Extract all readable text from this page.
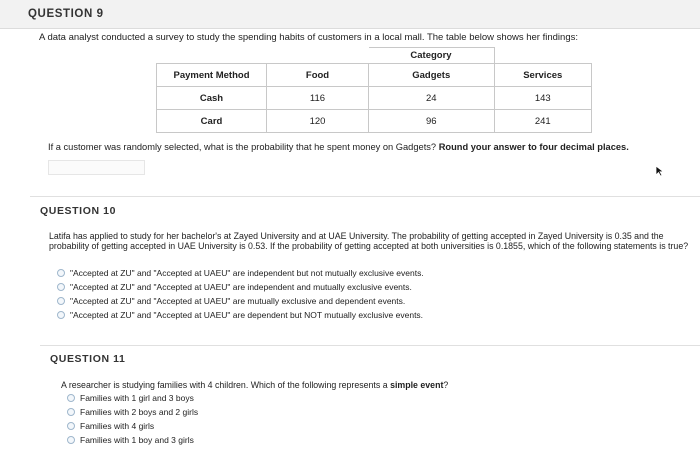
QUESTION 9
A data analyst conducted a survey to study the spending habits of customers in a local mall. The table below shows her findings:
		Category	
Payment Method	Food	Gadgets	Services
Cash	116	24	143
Card	120	96	241
If a customer was randomly selected, what is the probability that he spent money on Gadgets? Round your answer to four decimal places.
QUESTION 10
Latifa has applied to study for her bachelor's at Zayed University and at UAE University. The probability of getting accepted in Zayed University is 0.35 and the probability of getting accepted in UAE University is 0.53. If the probability of getting accepted at both universities is 0.1855, which of the following statements is true?
"Accepted at ZU" and "Accepted at UAEU" are independent but not mutually exclusive events.
"Accepted at ZU" and "Accepted at UAEU" are independent and mutually exclusive events.
"Accepted at ZU" and "Accepted at UAEU" are mutually exclusive and dependent events.
"Accepted at ZU" and "Accepted at UAEU" are dependent but NOT mutually exclusive events.
QUESTION 11
A researcher is studying families with 4 children. Which of the following represents a simple event?
Families with 1 girl and 3 boys
Families with 2 boys and 2 girls
Families with 4 girls
Families with 1 boy and 3 girls
